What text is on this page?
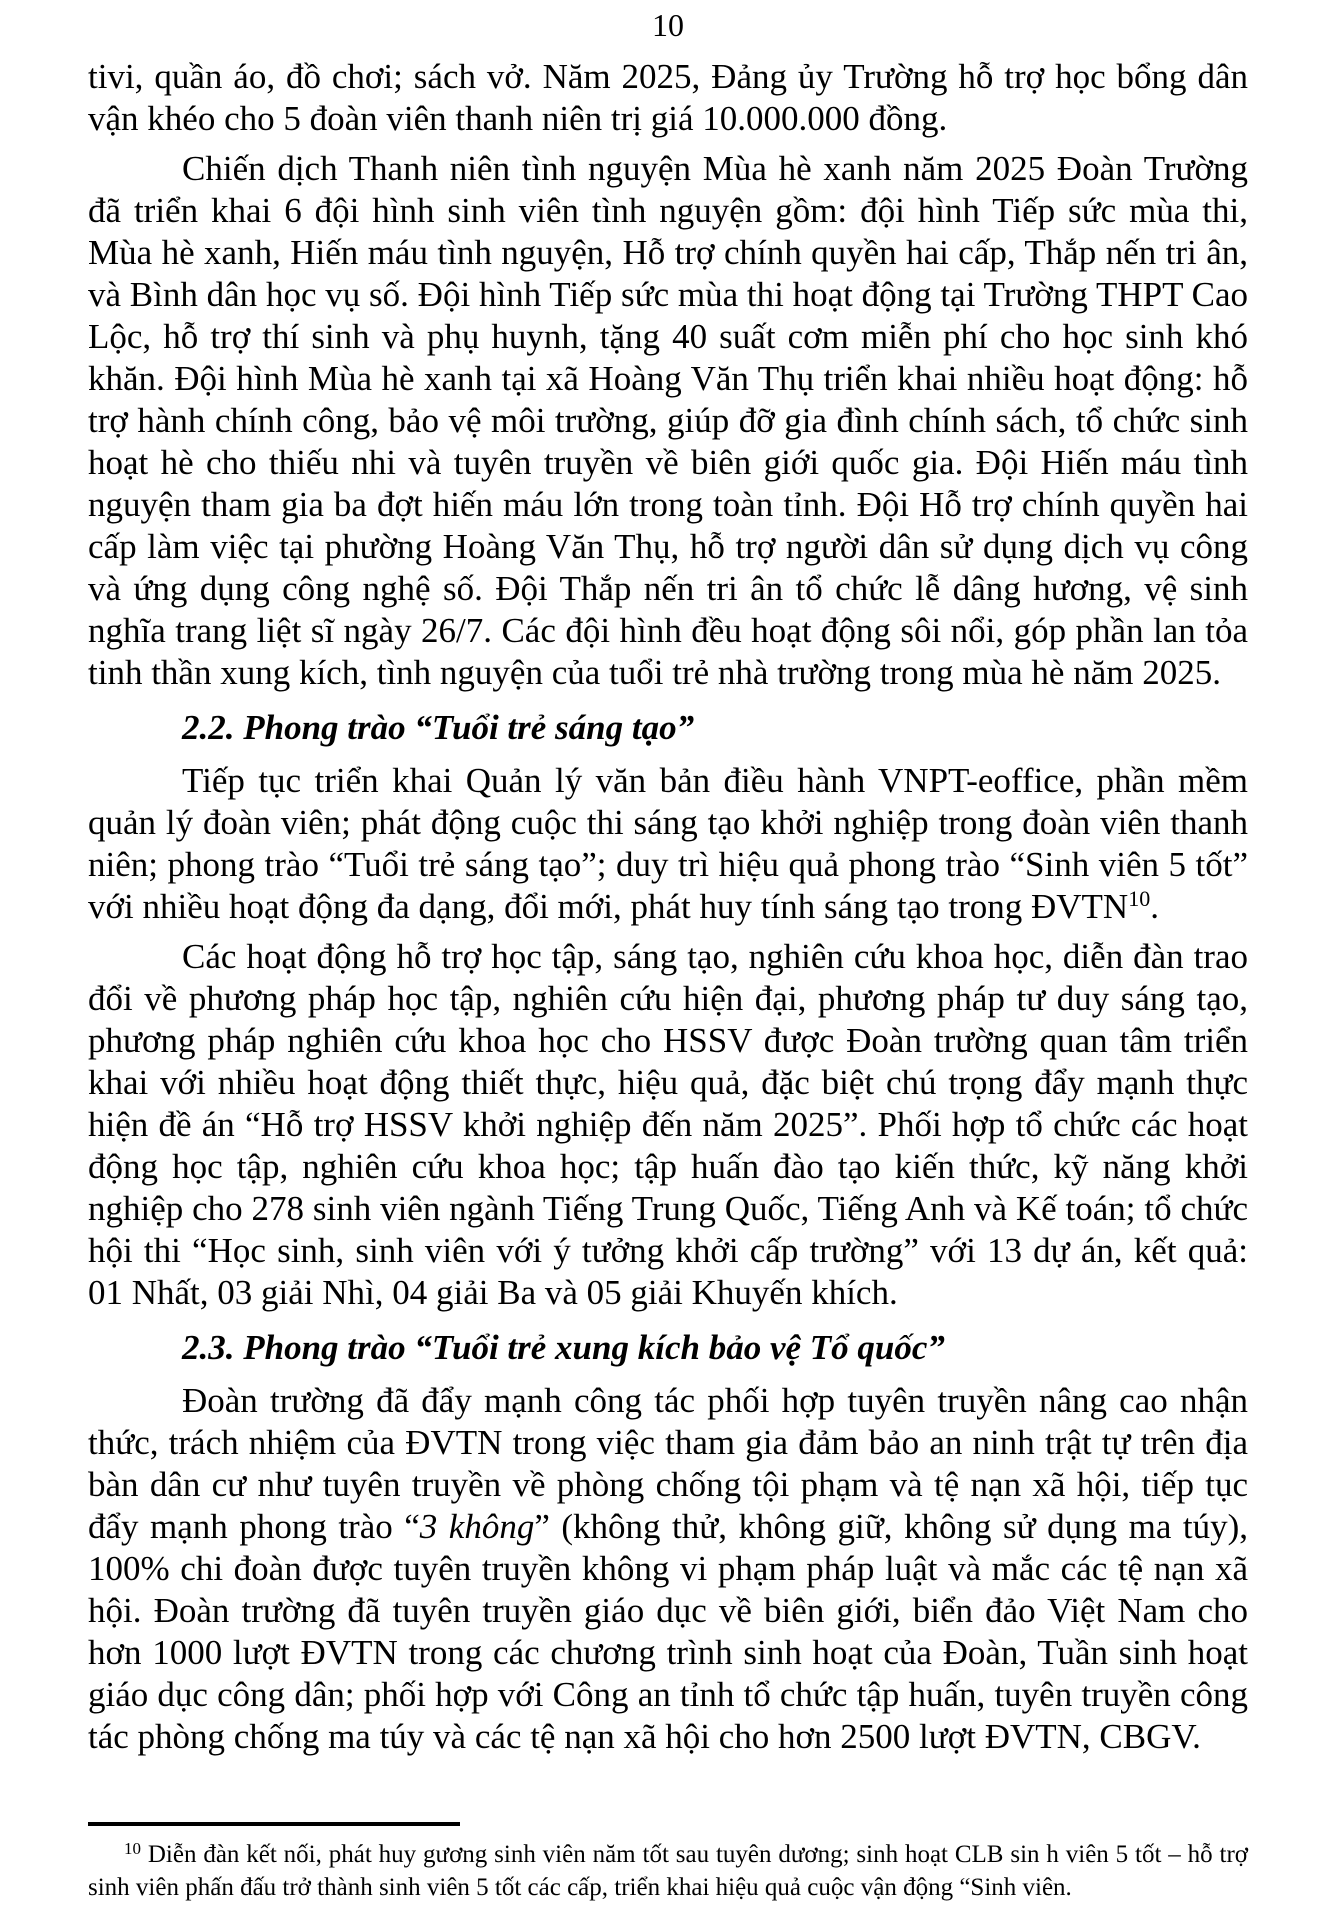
10

tivi, quần áo, đồ chơi; sách vở. Năm 2025, Đảng ủy Trường hỗ trợ học bổng dân vận khéo cho 5 đoàn viên thanh niên trị giá 10.000.000 đồng.

Chiến dịch Thanh niên tình nguyện Mùa hè xanh năm 2025 Đoàn Trường đã triển khai 6 đội hình sinh viên tình nguyện gồm: đội hình Tiếp sức mùa thi, Mùa hè xanh, Hiến máu tình nguyện, Hỗ trợ chính quyền hai cấp, Thắp nến tri ân, và Bình dân học vụ số. Đội hình Tiếp sức mùa thi hoạt động tại Trường THPT Cao Lộc, hỗ trợ thí sinh và phụ huynh, tặng 40 suất cơm miễn phí cho học sinh khó khăn. Đội hình Mùa hè xanh tại xã Hoàng Văn Thụ triển khai nhiều hoạt động: hỗ trợ hành chính công, bảo vệ môi trường, giúp đỡ gia đình chính sách, tổ chức sinh hoạt hè cho thiếu nhi và tuyên truyền về biên giới quốc gia. Đội Hiến máu tình nguyện tham gia ba đợt hiến máu lớn trong toàn tỉnh. Đội Hỗ trợ chính quyền hai cấp làm việc tại phường Hoàng Văn Thụ, hỗ trợ người dân sử dụng dịch vụ công và ứng dụng công nghệ số. Đội Thắp nến tri ân tổ chức lễ dâng hương, vệ sinh nghĩa trang liệt sĩ ngày 26/7. Các đội hình đều hoạt động sôi nổi, góp phần lan tỏa tinh thần xung kích, tình nguyện của tuổi trẻ nhà trường trong mùa hè năm 2025.

2.2. Phong trào “Tuổi trẻ sáng tạo”

Tiếp tục triển khai Quản lý văn bản điều hành VNPT-eoffice, phần mềm quản lý đoàn viên; phát động cuộc thi sáng tạo khởi nghiệp trong đoàn viên thanh niên; phong trào “Tuổi trẻ sáng tạo”; duy trì hiệu quả phong trào “Sinh viên 5 tốt” với nhiều hoạt động đa dạng, đổi mới, phát huy tính sáng tạo trong ĐVTN$^{10}$.

Các hoạt động hỗ trợ học tập, sáng tạo, nghiên cứu khoa học, diễn đàn trao đổi về phương pháp học tập, nghiên cứu hiện đại, phương pháp tư duy sáng tạo, phương pháp nghiên cứu khoa học cho HSSV được Đoàn trường quan tâm triển khai với nhiều hoạt động thiết thực, hiệu quả, đặc biệt chú trọng đẩy mạnh thực hiện đề án “Hỗ trợ HSSV khởi nghiệp đến năm 2025”. Phối hợp tổ chức các hoạt động học tập, nghiên cứu khoa học; tập huấn đào tạo kiến thức, kỹ năng khởi nghiệp cho 278 sinh viên ngành Tiếng Trung Quốc, Tiếng Anh và Kế toán; tổ chức hội thi “Học sinh, sinh viên với ý tưởng khởi cấp trường” với 13 dự án, kết quả: 01 Nhất, 03 giải Nhì, 04 giải Ba và 05 giải Khuyến khích.

2.3. Phong trào “Tuổi trẻ xung kích bảo vệ Tổ quốc”

Đoàn trường đã đẩy mạnh công tác phối hợp tuyên truyền nâng cao nhận thức, trách nhiệm của ĐVTN trong việc tham gia đảm bảo an ninh trật tự trên địa bàn dân cư như tuyên truyền về phòng chống tội phạm và tệ nạn xã hội, tiếp tục đẩy mạnh phong trào “3 không” (không thử, không giữ, không sử dụng ma túy), 100% chi đoàn được tuyên truyền không vi phạm pháp luật và mắc các tệ nạn xã hội. Đoàn trường đã tuyên truyền giáo dục về biên giới, biển đảo Việt Nam cho hơn 1000 lượt ĐVTN trong các chương trình sinh hoạt của Đoàn, Tuần sinh hoạt giáo dục công dân; phối hợp với Công an tỉnh tổ chức tập huấn, tuyên truyền công tác phòng chống ma túy và các tệ nạn xã hội cho hơn 2500 lượt ĐVTN, CBGV.

$^{10}$ Diễn đàn kết nối, phát huy gương sinh viên năm tốt sau tuyên dương; sinh hoạt CLB sin h viên 5 tốt – hỗ trợ sinh viên phấn đấu trở thành sinh viên 5 tốt các cấp, triển khai hiệu quả cuộc vận động “Sinh viên.
